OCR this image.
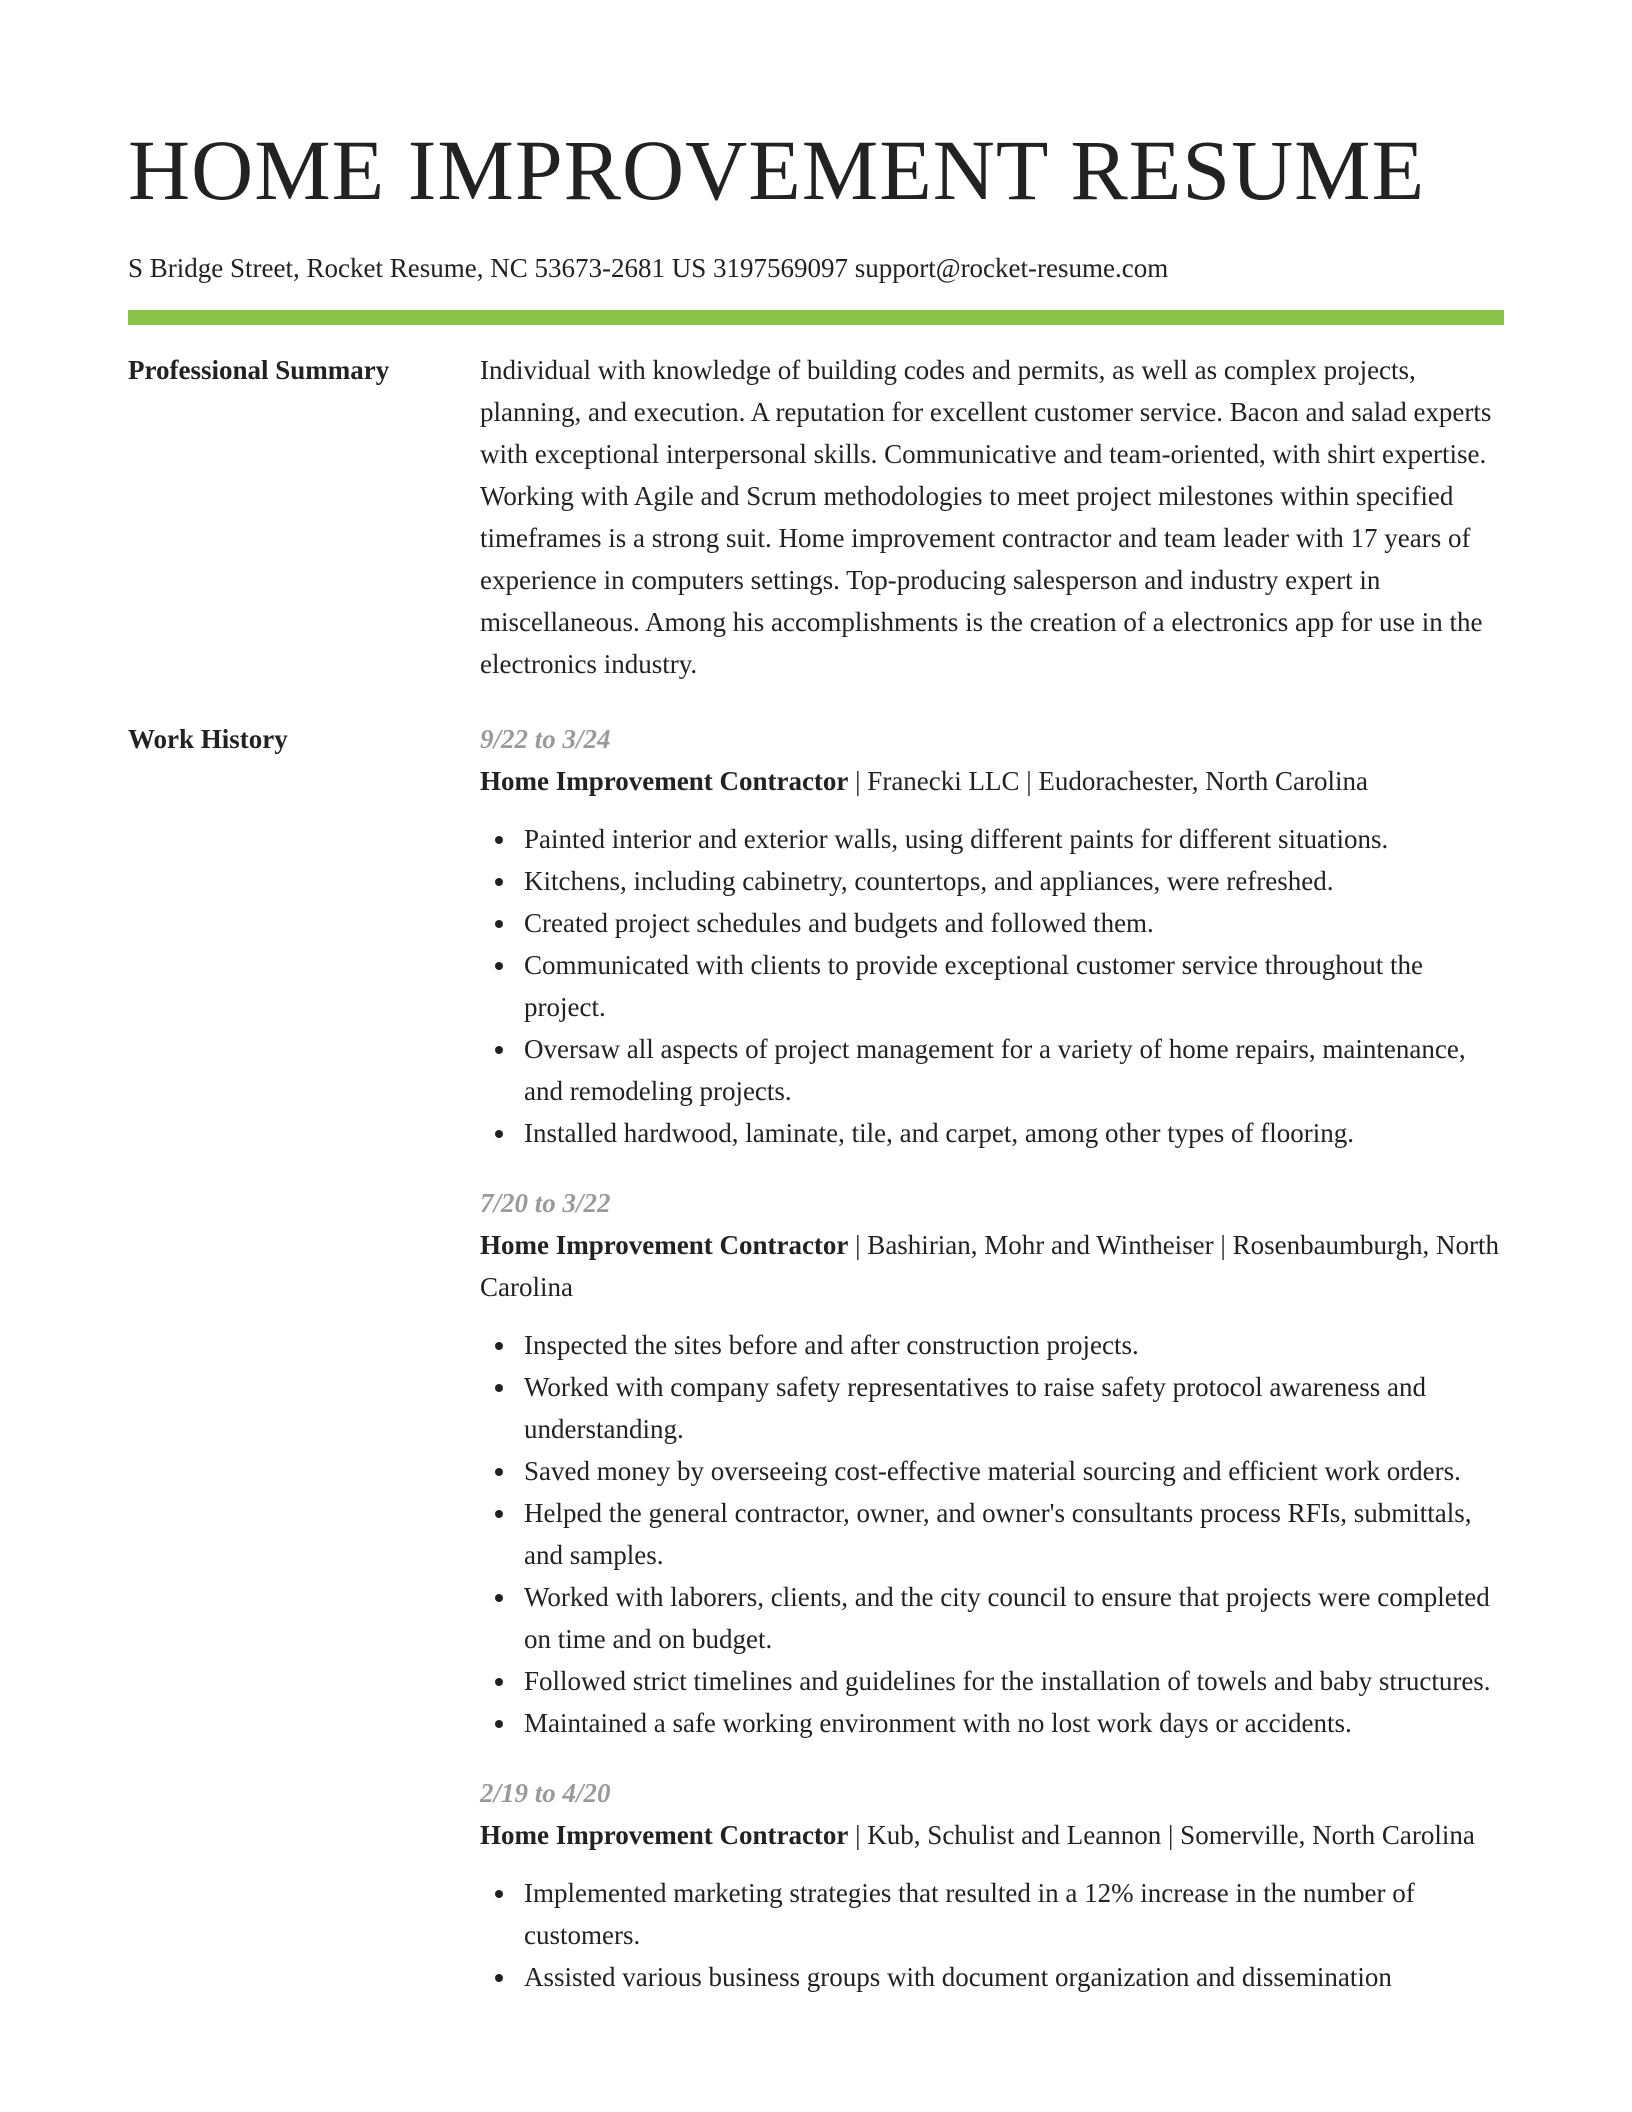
HOME IMPROVEMENT RESUME
S Bridge Street, Rocket Resume, NC 53673-2681 US 3197569097 support@rocket-resume.com
Professional Summary	Individual with knowledge of building codes and permits, as well as complex projects, planning, and execution. A reputation for excellent customer service. Bacon and salad experts with exceptional interpersonal skills. Communicative and team-oriented, with shirt expertise. Working with Agile and Scrum methodologies to meet project milestones within specified timeframes is a strong suit. Home improvement contractor and team leader with 17 years of experience in computers settings. Top-producing salesperson and industry expert in miscellaneous. Among his accomplishments is the creation of a electronics app for use in the electronics industry.

Work History	9/22 to 3/24
Home Improvement Contractor | Franecki LLC | Eudorachester, North Carolina
Painted interior and exterior walls, using different paints for different situations.
Kitchens, including cabinetry, countertops, and appliances, were refreshed.
Created project schedules and budgets and followed them.
Communicated with clients to provide exceptional customer service throughout the project.
Oversaw all aspects of project management for a variety of home repairs, maintenance, and remodeling projects.
Installed hardwood, laminate, tile, and carpet, among other types of flooring.
7/20 to 3/22
Home Improvement Contractor | Bashirian, Mohr and Wintheiser | Rosenbaumburgh, North Carolina
Inspected the sites before and after construction projects.
Worked with company safety representatives to raise safety protocol awareness and understanding.
Saved money by overseeing cost-effective material sourcing and efficient work orders.
Helped the general contractor, owner, and owner's consultants process RFIs, submittals, and samples.
Worked with laborers, clients, and the city council to ensure that projects were completed on time and on budget.
Followed strict timelines and guidelines for the installation of towels and baby structures.
Maintained a safe working environment with no lost work days or accidents.
2/19 to 4/20
Home Improvement Contractor | Kub, Schulist and Leannon | Somerville, North Carolina
Implemented marketing strategies that resulted in a 12% increase in the number of customers.
Assisted various business groups with document organization and dissemination
